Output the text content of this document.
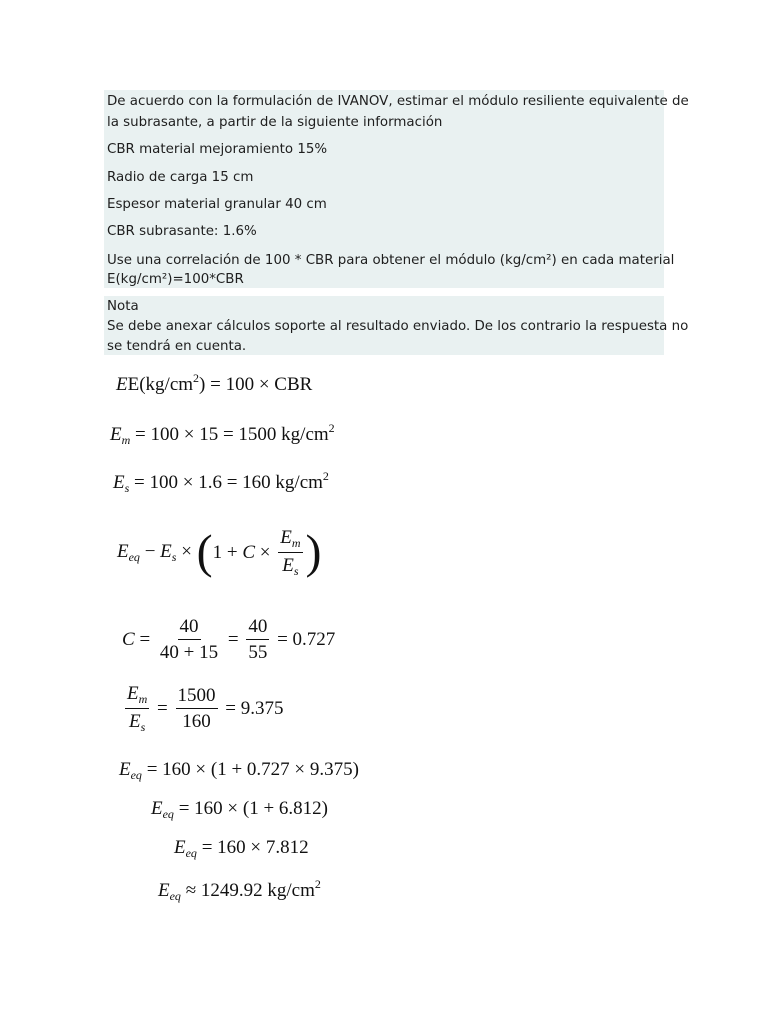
De acuerdo con la formulación de IVANOV, estimar el módulo resiliente equivalente de
la subrasante, a partir de la siguiente información
CBR material mejoramiento 15%
Radio de carga 15 cm
Espesor material granular 40 cm
CBR subrasante: 1.6%
Use una correlación de 100 * CBR para obtener el módulo (kg/cm²) en cada material
E(kg/cm²)=100*CBR
Nota
Se debe anexar cálculos soporte al resultado enviado. De los contrario la respuesta no
se tendrá en cuenta.
$EE(kg/cm^2) = 100$ × CBR
$E_m = 100 \times 15 = 1500$ $kg/cm^2$
$E_s = 100 \times 1.6 = 160$ $kg/cm^2$
$E_{eq} - E_s \times (1 + C \times \frac{E_m}{E_s}$ )
$C = \frac{40}{40 + 15} = \frac{40}{55} = 0.727$
$\frac{E_m}{E_s} = \frac{1500}{160} = 9.375$
$E_{eq} = 160 \times (1 + 0.727 \times 9.375)$
$E_{eq} = 160 \times (1 + 6.812)$
$E_{eq} = 160 \times 7.812$
$E_{eq} \approx 1249.92$ $kg/cm^2$
